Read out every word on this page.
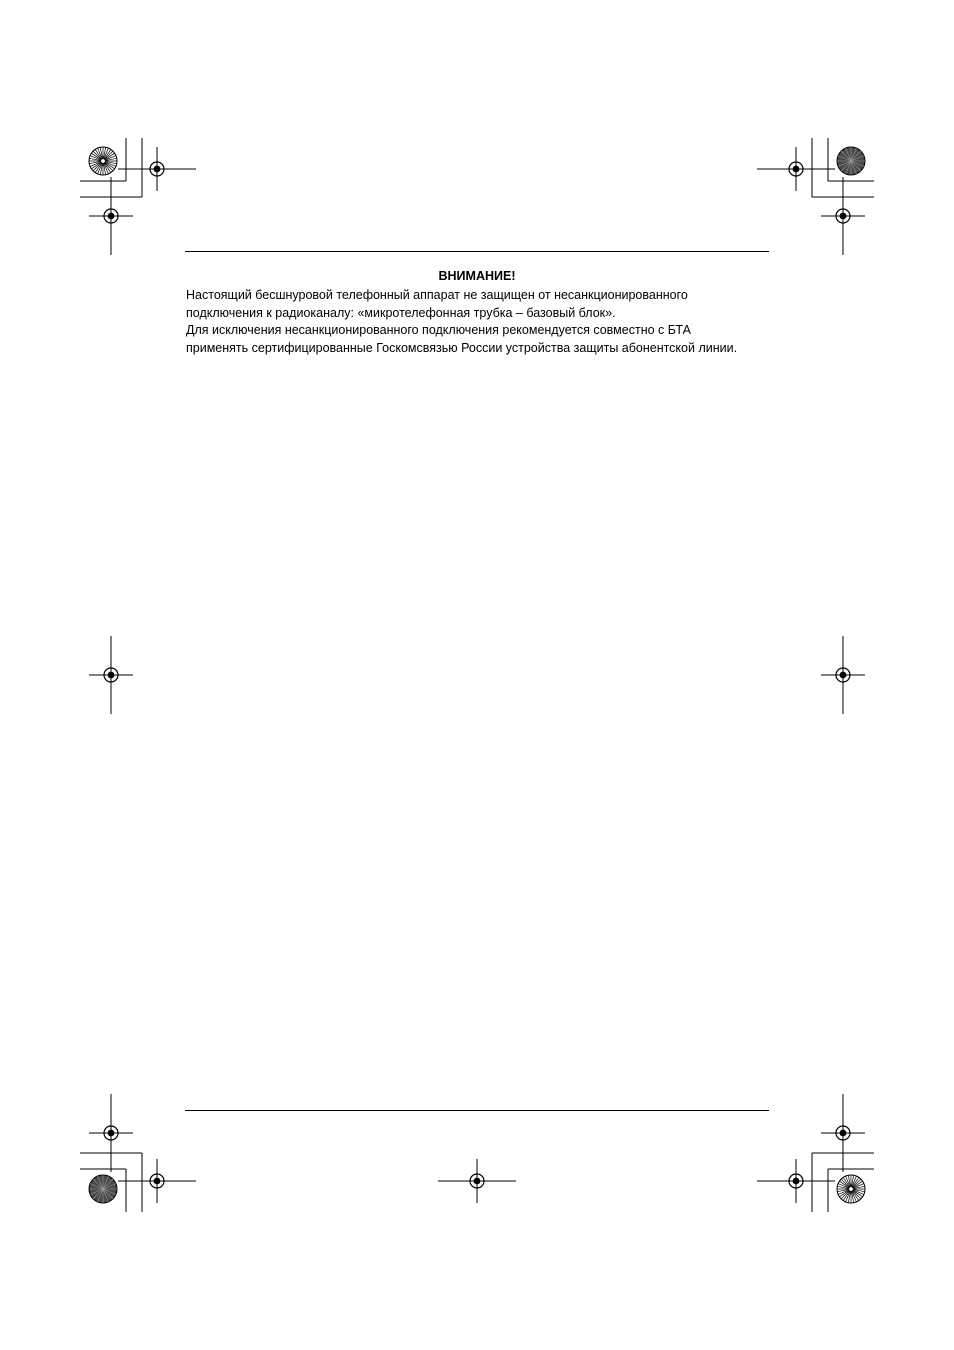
ВНИМАНИЕ!
Настоящий бесшнуровой телефонный аппарат не защищен от несанкционированного
подключения к радиоканалу: «микротелефонная трубка – базовый блок».
Для исключения несанкционированного подключения рекомендуется совместно с БТА
применять сертифицированные Госкомсвязью России устройства защиты абонентской линии.
